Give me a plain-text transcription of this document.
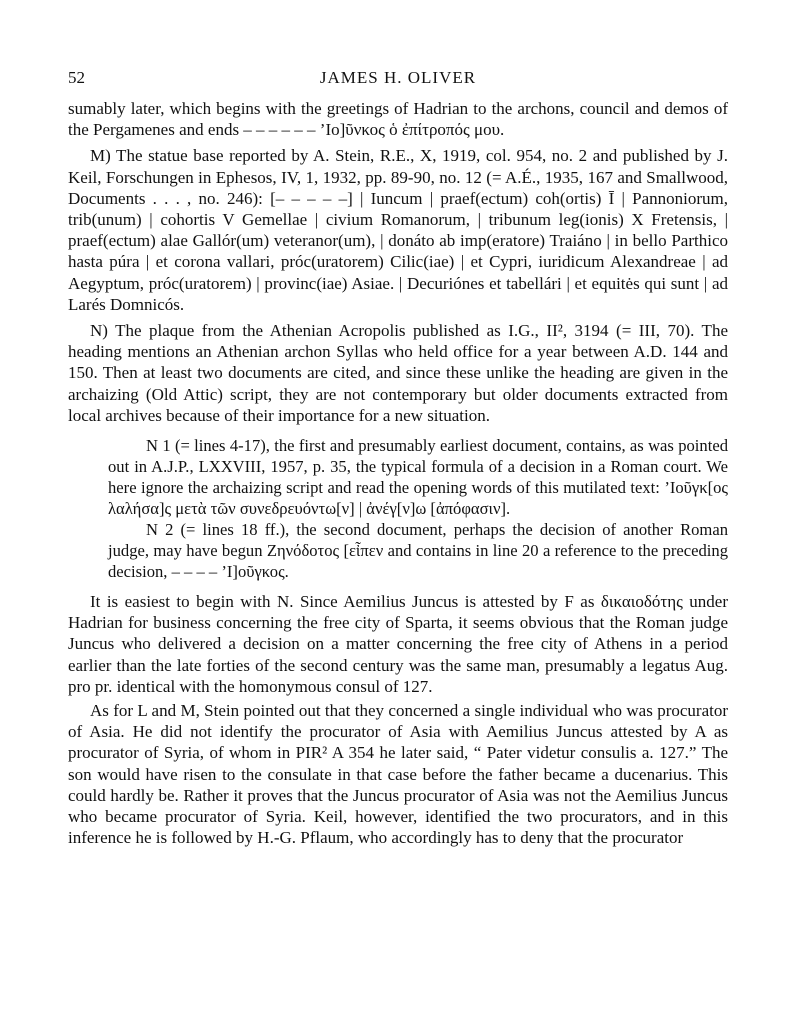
52	JAMES H. OLIVER

sumably later, which begins with the greetings of Hadrian to the archons, council and demos of the Pergamenes and ends ‒ ‒ ‒ ‒ ‒ ‒ ’Ιο]ῦνκος ὁ ἐπίτροπός μου.

M) The statue base reported by A. Stein, R.E., X, 1919, col. 954, no. 2 and published by J. Keil, Forschungen in Ephesos, IV, 1, 1932, pp. 89-90, no. 12 (= A.É., 1935, 167 and Smallwood, Documents . . . , no. 246): [‒ ‒ ‒ ‒ ‒] | Iuncum | praef(ectum) coh(ortis) Ī | Pannoniorum, trib(unum) | cohortis V Gemellae | civium Romanorum, | tribunum leg(ionis) X Fretensis, | praef(ectum) alae Gallór(um) veteranor(um), | donáto ab imp(eratore) Traiáno | in bello Parthico hasta púra | et corona vallari, próc(uratorem) Cilic(iae) | et Cypri, iuridicum Alexandreae | ad Aegyptum, próc(uratorem) | provinc(iae) Asiae. | Decuriónes et tabellári | et equitės qui sunt | ad Larés Domnicós.

N) The plaque from the Athenian Acropolis published as I.G., II², 3194 (= III, 70). The heading mentions an Athenian archon Syllas who held office for a year between A.D. 144 and 150. Then at least two documents are cited, and since these unlike the heading are given in the archaizing (Old Attic) script, they are not contemporary but older documents extracted from local archives because of their importance for a new situation.

N 1 (= lines 4-17), the first and presumably earliest document, contains, as was pointed out in A.J.P., LXXVIII, 1957, p. 35, the typical formula of a decision in a Roman court. We here ignore the archaizing script and read the opening words of this mutilated text: ’Ιοῦγκ[ος λαλήσα]ς μετὰ τῶν συνεδρευόντω[ν] | ἀνέγ[ν]ω [ἀπόφασιν].

N 2 (= lines 18 ff.), the second document, perhaps the decision of another Roman judge, may have begun Ζηνόδοτος [εἶπεν and contains in line 20 a reference to the preceding decision, ‒ ‒ ‒ ‒ ’Ι]οῦγκος.

It is easiest to begin with N. Since Aemilius Juncus is attested by F as δικαιοδότης under Hadrian for business concerning the free city of Sparta, it seems obvious that the Roman judge Juncus who delivered a decision on a matter concerning the free city of Athens in a period earlier than the late forties of the second century was the same man, presumably a legatus Aug. pro pr. identical with the homonymous consul of 127.

As for L and M, Stein pointed out that they concerned a single individual who was procurator of Asia. He did not identify the procurator of Asia with Aemilius Juncus attested by A as procurator of Syria, of whom in PIR² A 354 he later said, “ Pater videtur consulis a. 127.” The son would have risen to the consulate in that case before the father became a ducenarius. This could hardly be. Rather it proves that the Juncus procurator of Asia was not the Aemilius Juncus who became procurator of Syria. Keil, however, identified the two procurators, and in this inference he is followed by H.-G. Pflaum, who accordingly has to deny that the procurator
